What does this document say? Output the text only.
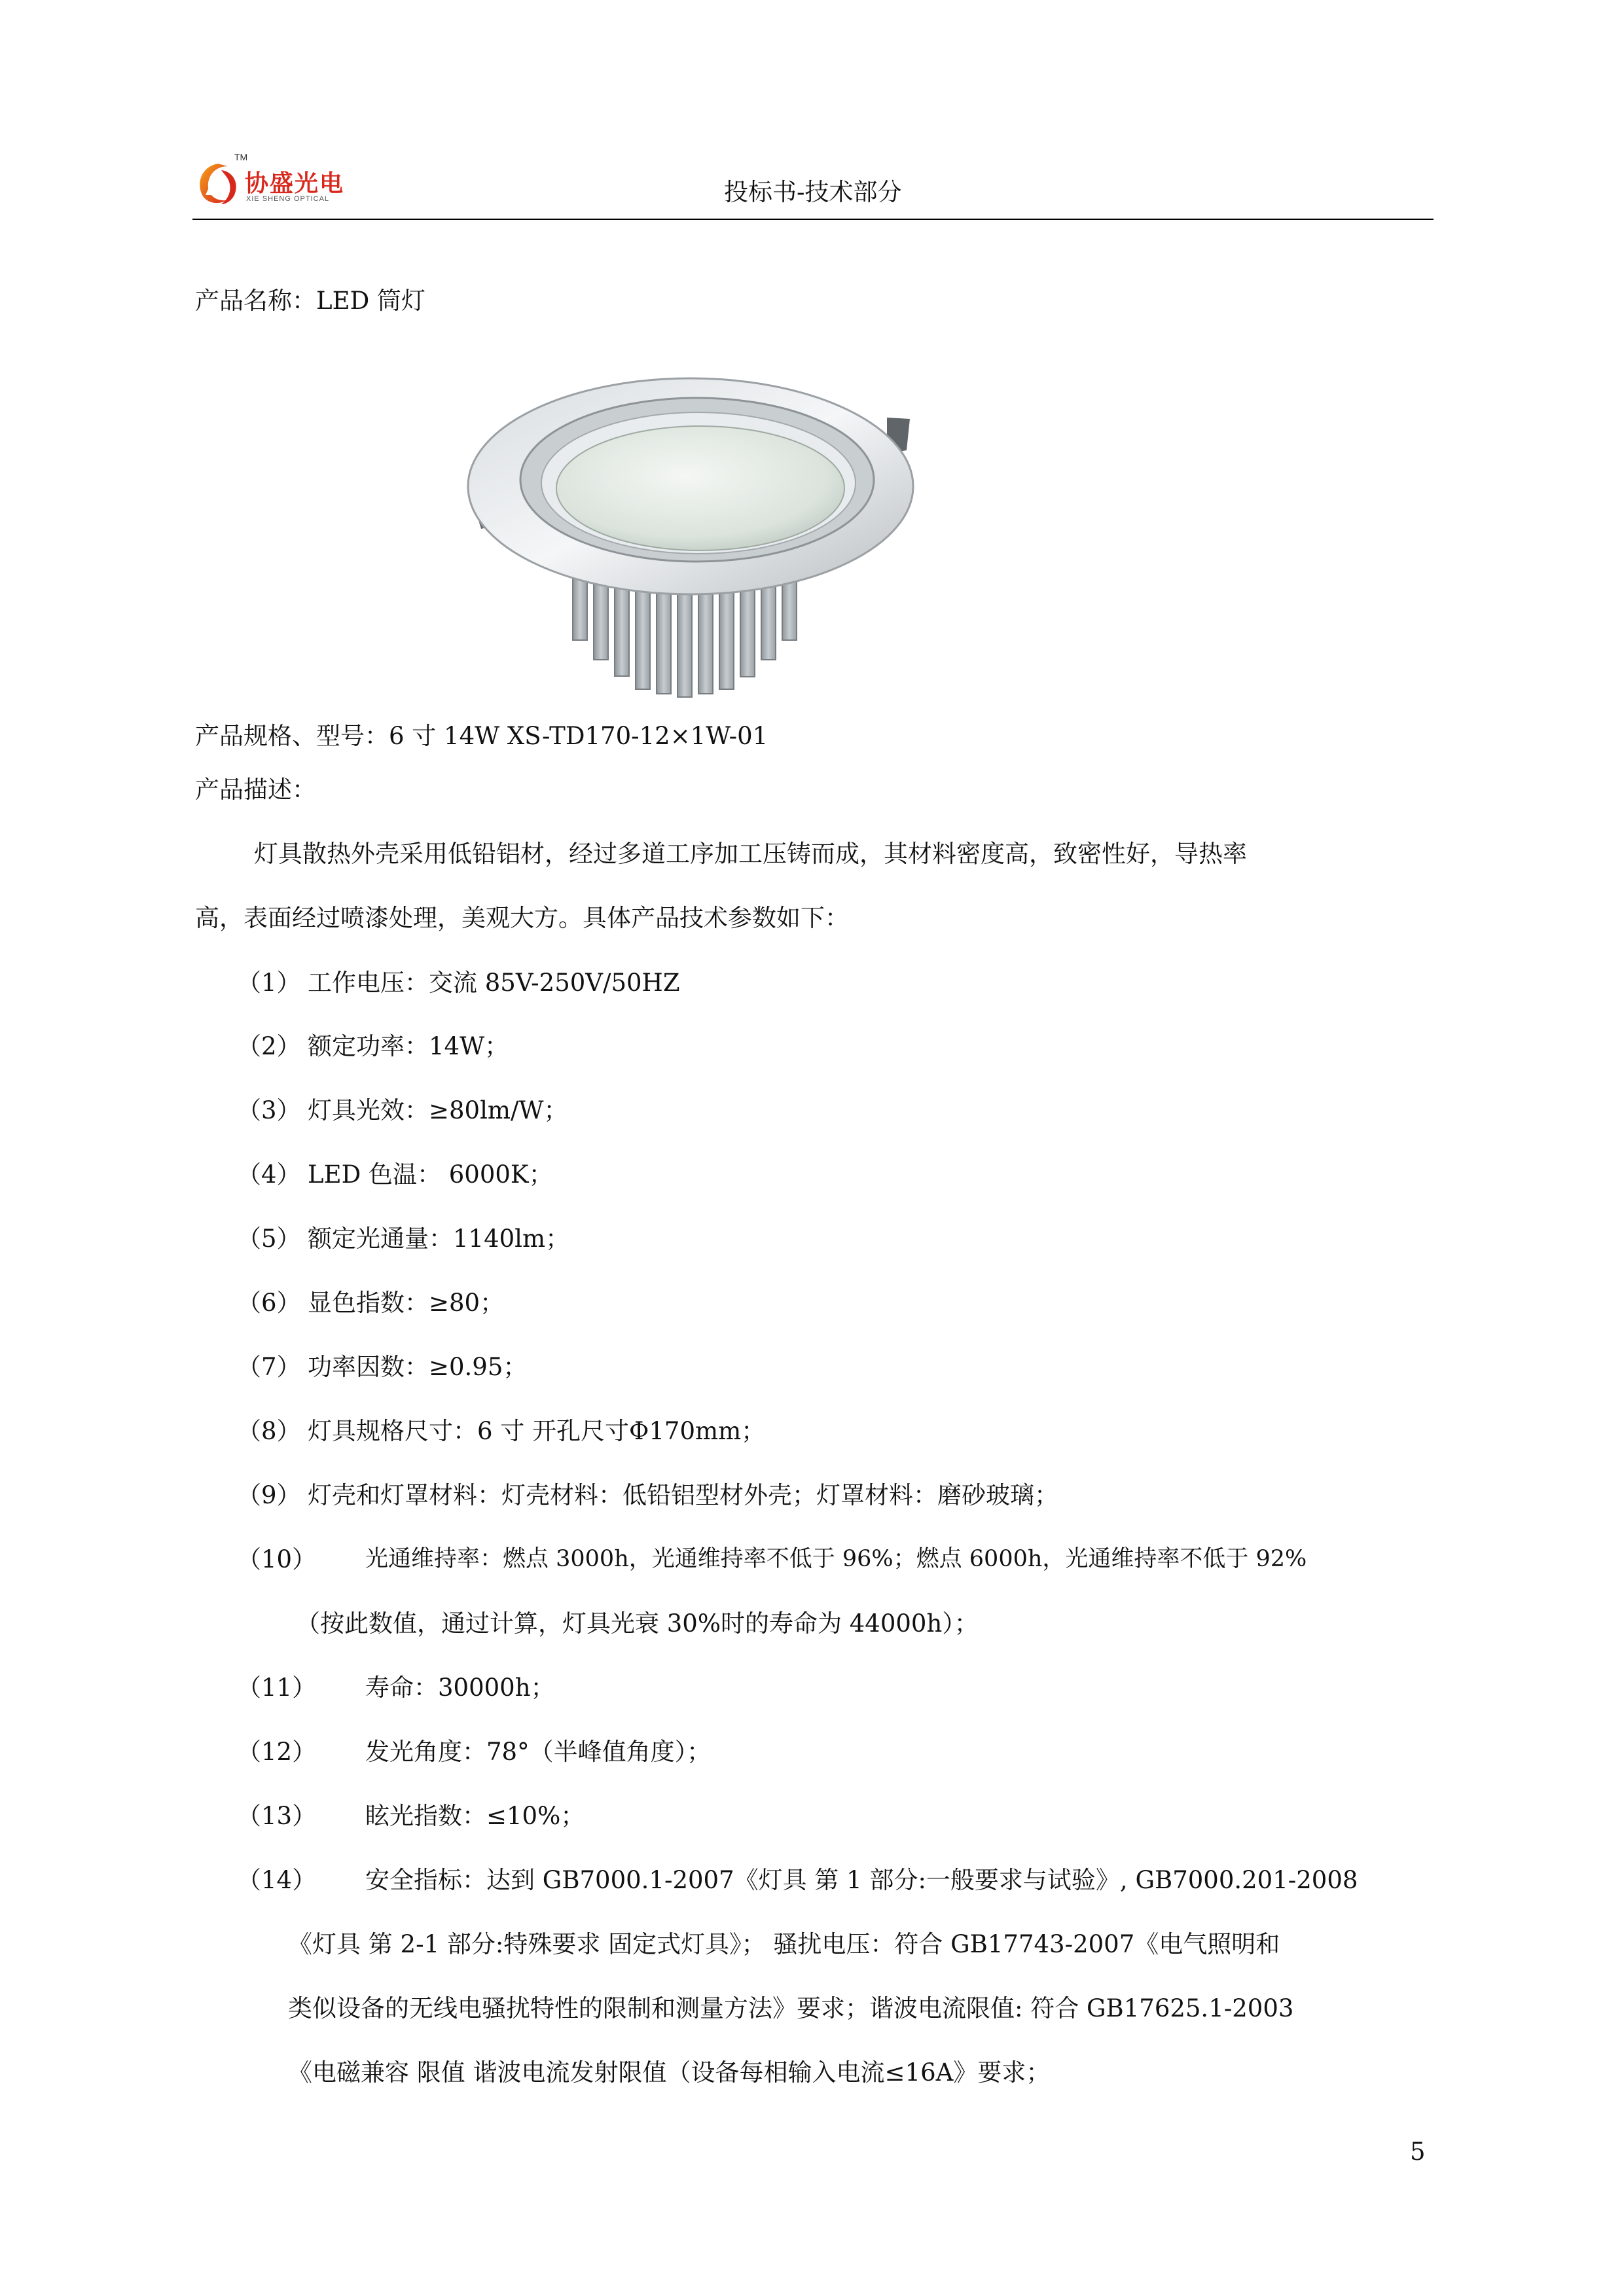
TM
协盛光电
XIE SHENG OPTICAL	投标书-技术部分
产品名称：LED 筒灯
产品规格、型号：6 寸 14W XS-TD170-12×1W-01
产品描述：
灯具散热外壳采用低铅铝材，经过多道工序加工压铸而成，其材料密度高，致密性好，导热率
高，表面经过喷漆处理，美观大方。具体产品技术参数如下：
（1） 工作电压：交流 85V-250V/50HZ
（2） 额定功率：14W；
（3） 灯具光效：≥80lm/W；
（4） LED 色温： 6000K；
（5） 额定光通量：1140lm；
（6） 显色指数：≥80；
（7） 功率因数：≥0.95；
（8） 灯具规格尺寸：6 寸 开孔尺寸Φ170mm；
（9） 灯壳和灯罩材料：灯壳材料：低铅铝型材外壳；灯罩材料：磨砂玻璃；
（10） 光通维持率：燃点 3000h，光通维持率不低于 96%；燃点 6000h，光通维持率不低于 92%
（按此数值，通过计算，灯具光衰 30%时的寿命为 44000h）；
（11） 寿命：30000h；
（12） 发光角度：78°（半峰值角度）；
（13） 眩光指数：≤10%；
（14） 安全指标：达到 GB7000.1-2007《灯具 第 1 部分:一般要求与试验》, GB7000.201-2008
《灯具 第 2-1 部分:特殊要求 固定式灯具》； 骚扰电压：符合 GB17743-2007《电气照明和
类似设备的无线电骚扰特性的限制和测量方法》要求；谐波电流限值: 符合 GB17625.1-2003
《电磁兼容 限值 谐波电流发射限值（设备每相输入电流≤16A》要求；
5
